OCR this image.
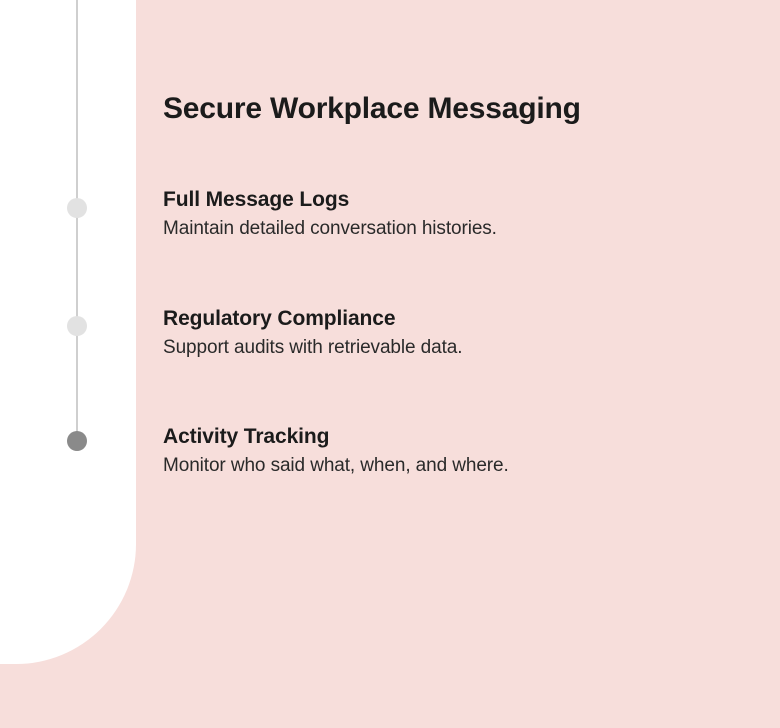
Secure Workplace Messaging
Full Message Logs
Maintain detailed conversation histories.
Regulatory Compliance
Support audits with retrievable data.
Activity Tracking
Monitor who said what, when, and where.
